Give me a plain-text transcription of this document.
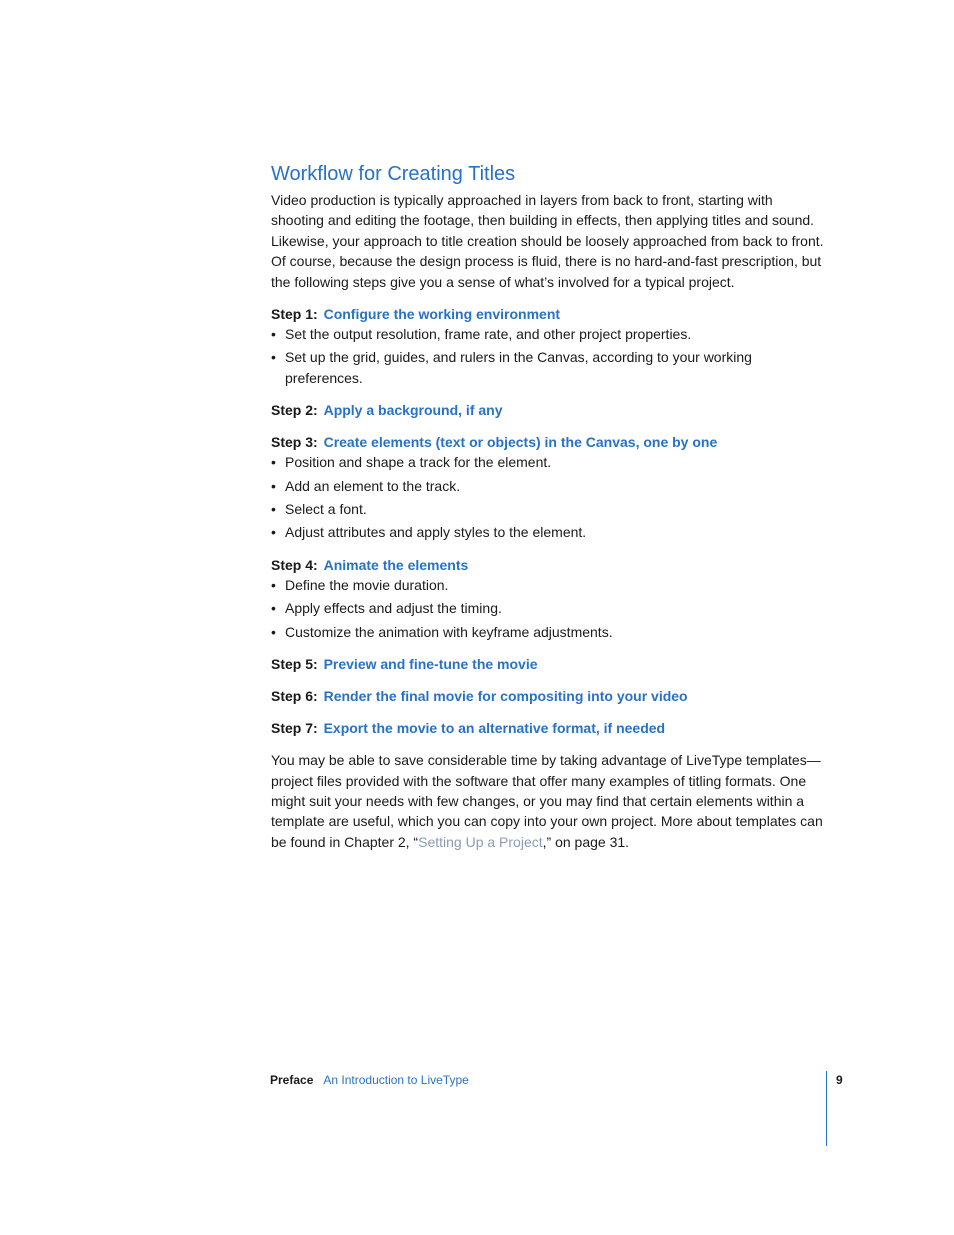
Workflow for Creating Titles

Video production is typically approached in layers from back to front, starting with shooting and editing the footage, then building in effects, then applying titles and sound. Likewise, your approach to title creation should be loosely approached from back to front. Of course, because the design process is fluid, there is no hard-and-fast prescription, but the following steps give you a sense of what’s involved for a typical project.

Step 1: Configure the working environment
• Set the output resolution, frame rate, and other project properties.
• Set up the grid, guides, and rulers in the Canvas, according to your working preferences.
Step 2: Apply a background, if any
Step 3: Create elements (text or objects) in the Canvas, one by one
• Position and shape a track for the element.
• Add an element to the track.
• Select a font.
• Adjust attributes and apply styles to the element.
Step 4: Animate the elements
• Define the movie duration.
• Apply effects and adjust the timing.
• Customize the animation with keyframe adjustments.
Step 5: Preview and fine-tune the movie
Step 6: Render the final movie for compositing into your video
Step 7: Export the movie to an alternative format, if needed

You may be able to save considerable time by taking advantage of LiveType templates—project files provided with the software that offer many examples of titling formats. One might suit your needs with few changes, or you may find that certain elements within a template are useful, which you can copy into your own project. More about templates can be found in Chapter 2, “Setting Up a Project,” on page 31.

Preface An Introduction to LiveType	9
